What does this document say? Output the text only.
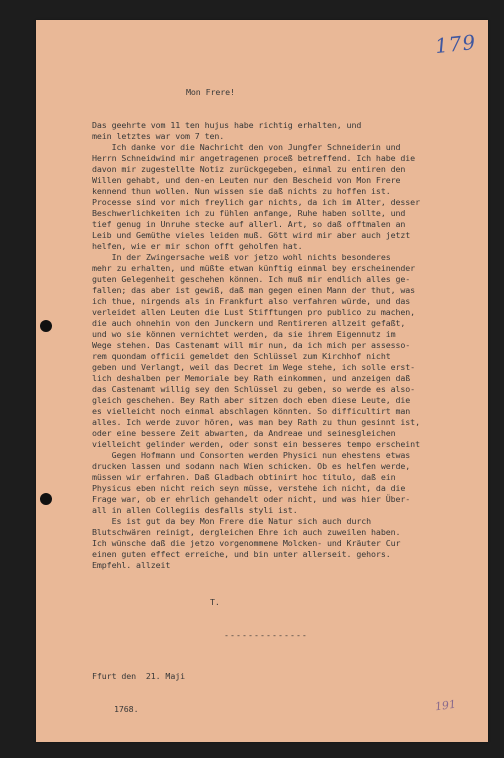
179
191

Mon Frere!

Das geehrte vom 11 ten hujus habe richtig erhalten, und
mein letztes war vom 7 ten.
Ich danke vor die Nachricht den von Jungfer Schneiderin und
Herrn Schneidwind mir angetragenen proceß betreffend. Ich habe die
davon mir zugestellte Notiz zurückgegeben, einmal zu entiren den
Willen gehabt, und den-en Leuten nur den Bescheid von Mon Frere
kennend thun wollen. Nun wissen sie daß nichts zu hoffen ist.
Processe sind vor mich freylich gar nichts, da ich im Alter, desser
Beschwerlichkeiten ich zu fühlen anfange, Ruhe haben sollte, und
tief genug in Unruhe stecke auf allerl. Art, so daß offtmalen an
Leib und Gemüthe vieles leiden muß. Gött wird mir aber auch jetzt
helfen, wie er mir schon offt geholfen hat.
In der Zwingersache weiß vor jetzo wohl nichts besonderes
mehr zu erhalten, und müßte etwan künftig einmal bey erscheinender
guten Gelegenheit geschehen können. Ich muß mir endlich alles ge-
fallen; das aber ist gewiß, daß man gegen einen Mann der thut, was
ich thue, nirgends als in Frankfurt also verfahren würde, und das
verleidet allen Leuten die Lust Stifftungen pro publico zu machen,
die auch ohnehin von den Junckern und Rentireren allzeit gefaßt,
und wo sie können vernichtet werden, da sie ihrem Eigennutz im
Wege stehen. Das Castenamt will mir nun, da ich mich per assesso-
rem quondam officii gemeldet den Schlüssel zum Kirchhof nicht
geben und Verlangt, weil das Decret im Wege stehe, ich solle erst-
lich deshalben per Memoriale bey Rath einkommen, und anzeigen daß
das Castenamt willig sey den Schlüssel zu geben, so werde es also-
gleich geschehen. Bey Rath aber sitzen doch eben diese Leute, die
es vielleicht noch einmal abschlagen könnten. So difficultirt man
alles. Ich werde zuvor hören, was man bey Rath zu thun gesinnt ist,
oder eine bessere Zeit abwarten, da Andreae und seinesgleichen
vielleicht gelinder werden, oder sonst ein besseres tempo erscheint
Gegen Hofmann und Consorten werden Physici nun ehestens etwas
drucken lassen und sodann nach Wien schicken. Ob es helfen werde,
müssen wir erfahren. Daß Gladbach obtinirt hoc titulo, daß ein
Physicus eben nicht reich seyn müsse, verstehe ich nicht, da die
Frage war, ob er ehrlich gehandelt oder nicht, und was hier Über-
all in allen Collegiis desfalls styli ist.
Es ist gut da bey Mon Frere die Natur sich auch durch
Blutschwären reinigt, dergleichen Ehre ich auch zuweilen haben.
Ich wünsche daß die jetzo vorgenommene Molcken- und Kräuter Cur
einen guten effect erreiche, und bin unter allerseit. gehors.
Empfehl. allzeit

T.

--------------

Ffurt den  21. Maji

1768.
